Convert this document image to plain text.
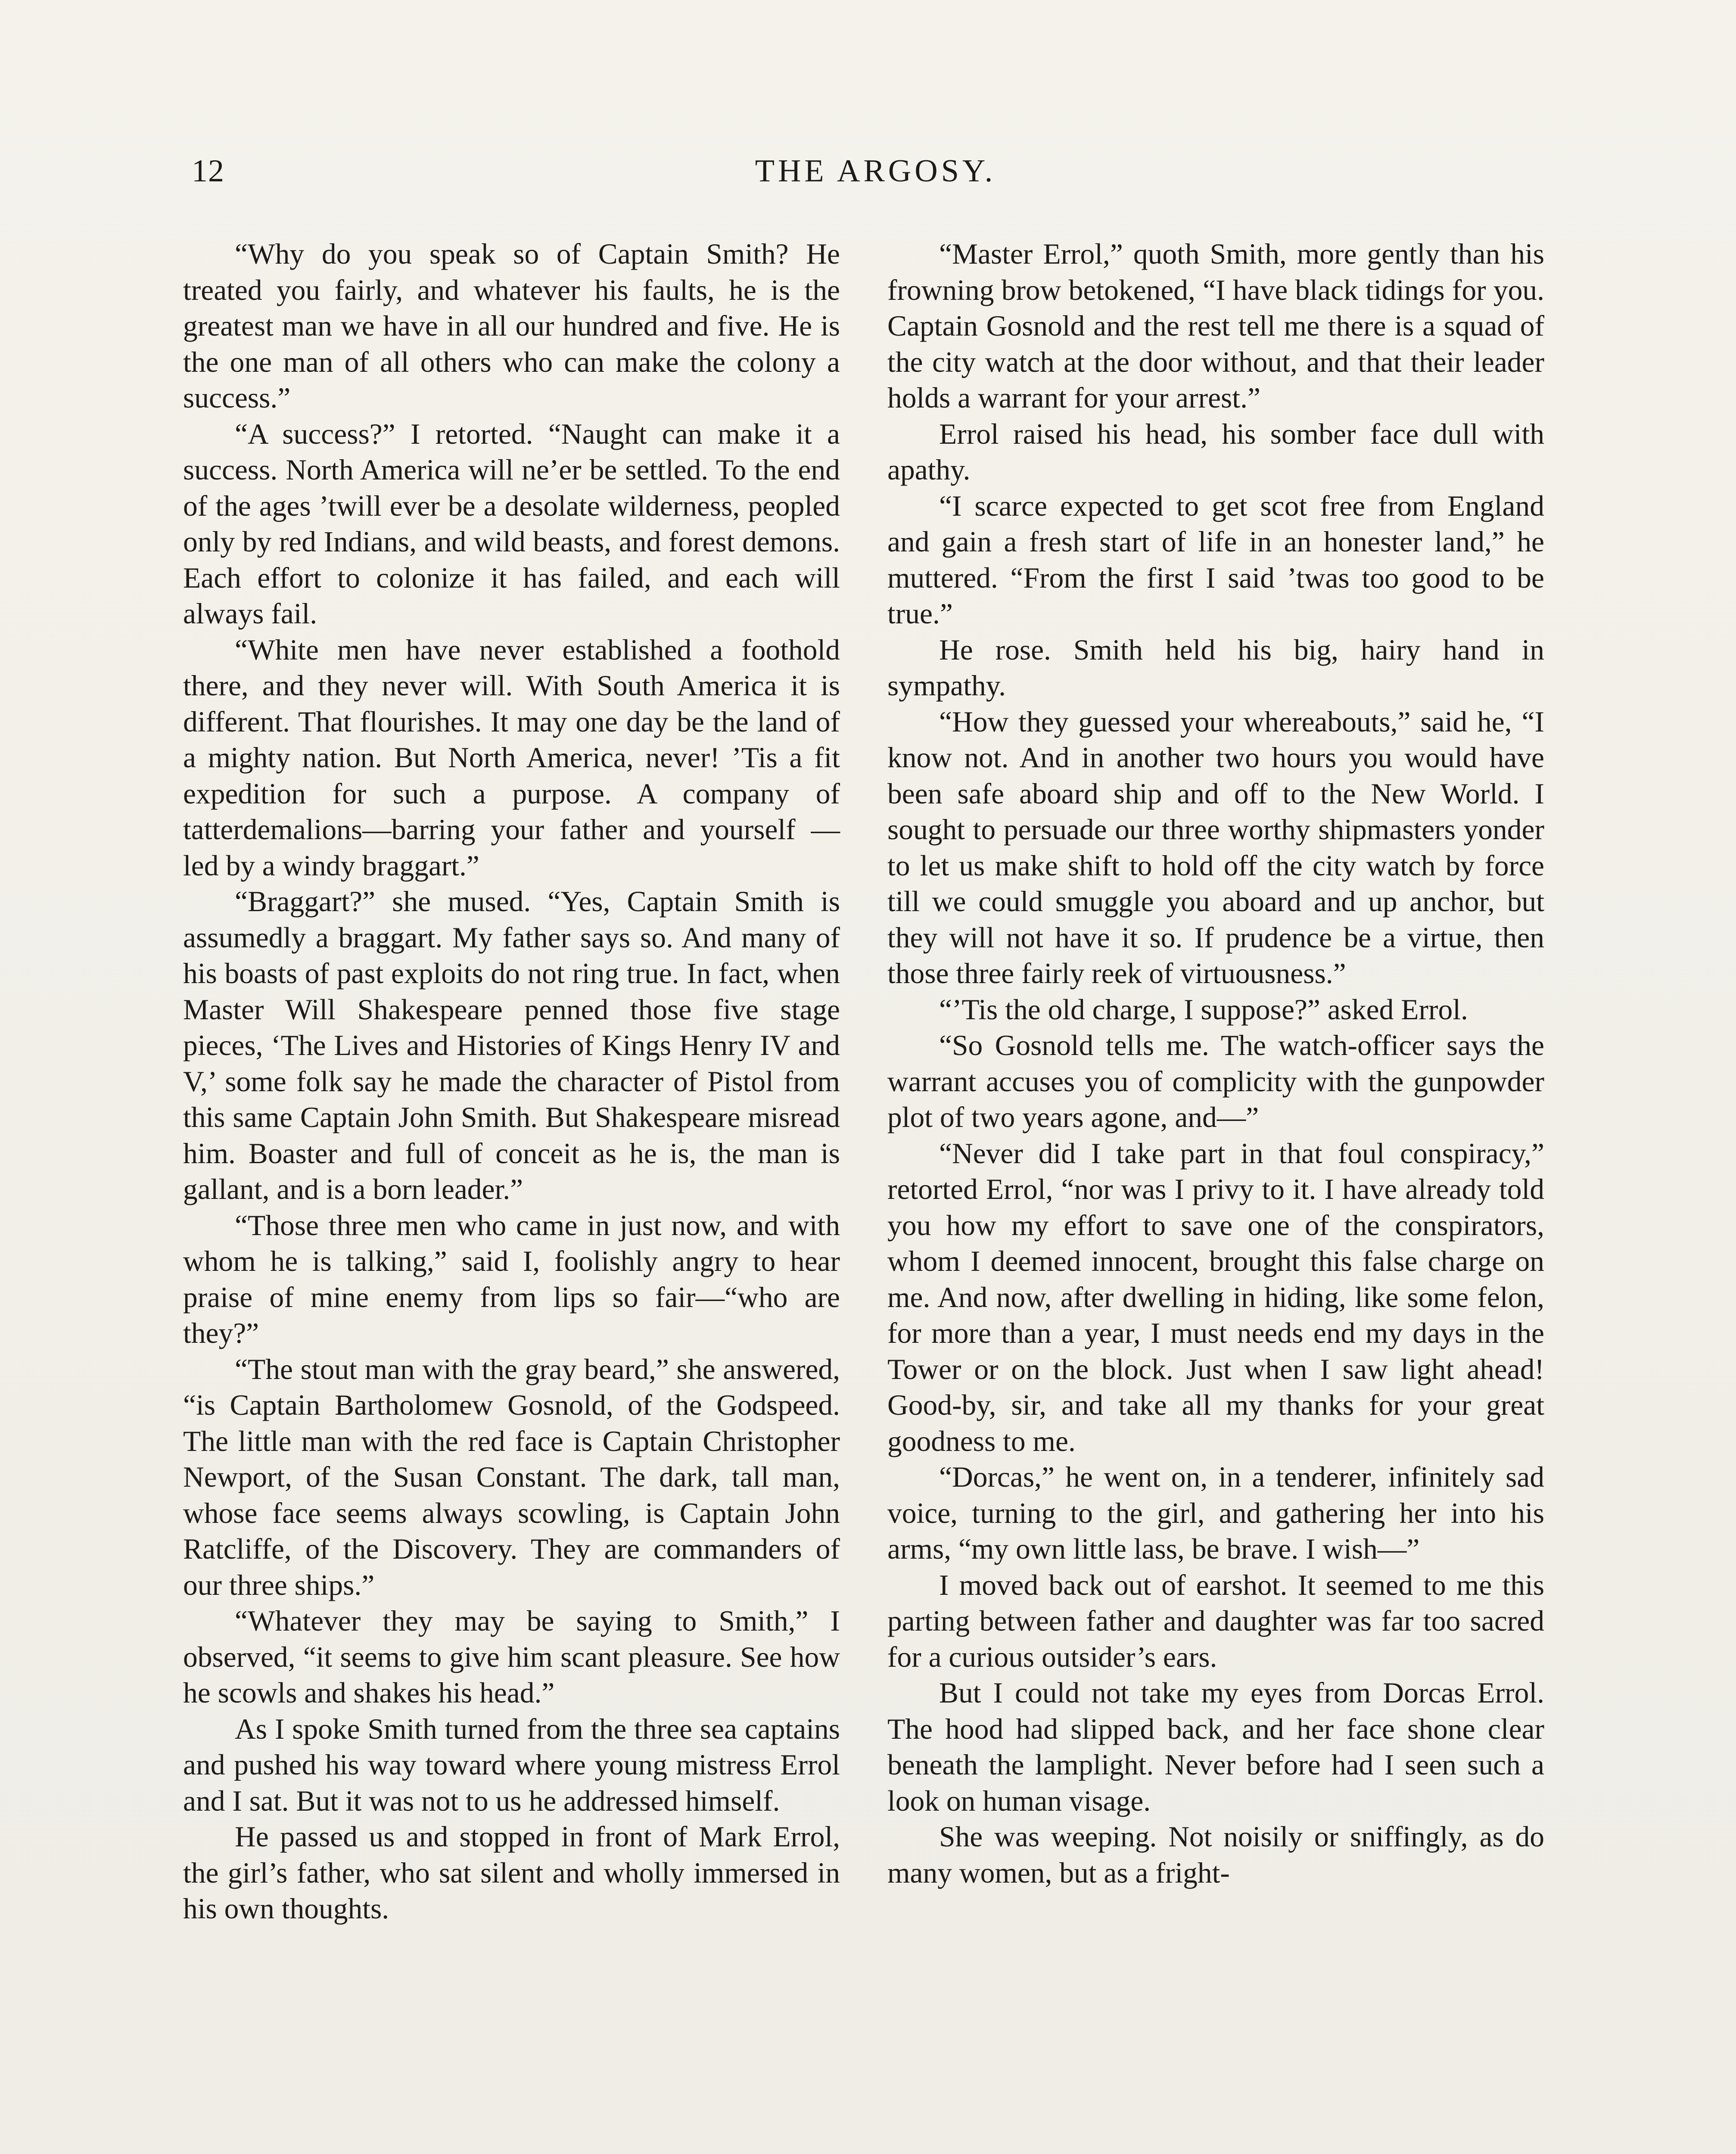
12	THE ARGOSY.

“Why do you speak so of Captain Smith? He treated you fairly, and whatever his faults, he is the greatest man we have in all our hundred and five. He is the one man of all others who can make the colony a success.”

“A success?” I retorted. “Naught can make it a success. North America will ne’er be settled. To the end of the ages ’twill ever be a desolate wilderness, peopled only by red Indians, and wild beasts, and forest demons. Each effort to colonize it has failed, and each will always fail.

“White men have never established a foothold there, and they never will. With South America it is different. That flourishes. It may one day be the land of a mighty nation. But North America, never! ’Tis a fit expedition for such a purpose. A company of tatterdemalions—barring your father and yourself — led by a windy braggart.”

“Braggart?” she mused. “Yes, Captain Smith is assumedly a braggart. My father says so. And many of his boasts of past exploits do not ring true. In fact, when Master Will Shakespeare penned those five stage pieces, ‘The Lives and Histories of Kings Henry IV and V,’ some folk say he made the character of Pistol from this same Captain John Smith. But Shakespeare misread him. Boaster and full of conceit as he is, the man is gallant, and is a born leader.”

“Those three men who came in just now, and with whom he is talking,” said I, foolishly angry to hear praise of mine enemy from lips so fair—“who are they?”

“The stout man with the gray beard,” she answered, “is Captain Bartholomew Gosnold, of the Godspeed. The little man with the red face is Captain Christopher Newport, of the Susan Constant. The dark, tall man, whose face seems always scowling, is Captain John Ratcliffe, of the Discovery. They are commanders of our three ships.”

“Whatever they may be saying to Smith,” I observed, “it seems to give him scant pleasure. See how he scowls and shakes his head.”

As I spoke Smith turned from the three sea captains and pushed his way toward where young mistress Errol and I sat. But it was not to us he addressed himself.

He passed us and stopped in front of Mark Errol, the girl’s father, who sat silent and wholly immersed in his own thoughts.

“Master Errol,” quoth Smith, more gently than his frowning brow betokened, “I have black tidings for you. Captain Gosnold and the rest tell me there is a squad of the city watch at the door without, and that their leader holds a warrant for your arrest.”

Errol raised his head, his somber face dull with apathy.

“I scarce expected to get scot free from England and gain a fresh start of life in an honester land,” he muttered. “From the first I said ’twas too good to be true.”

He rose. Smith held his big, hairy hand in sympathy.

“How they guessed your whereabouts,” said he, “I know not. And in another two hours you would have been safe aboard ship and off to the New World. I sought to persuade our three worthy shipmasters yonder to let us make shift to hold off the city watch by force till we could smuggle you aboard and up anchor, but they will not have it so. If prudence be a virtue, then those three fairly reek of virtuousness.”

“’Tis the old charge, I suppose?” asked Errol.

“So Gosnold tells me. The watch-officer says the warrant accuses you of complicity with the gunpowder plot of two years agone, and—”

“Never did I take part in that foul conspiracy,” retorted Errol, “nor was I privy to it. I have already told you how my effort to save one of the conspirators, whom I deemed innocent, brought this false charge on me. And now, after dwelling in hiding, like some felon, for more than a year, I must needs end my days in the Tower or on the block. Just when I saw light ahead! Good-by, sir, and take all my thanks for your great goodness to me.

“Dorcas,” he went on, in a tenderer, infinitely sad voice, turning to the girl, and gathering her into his arms, “my own little lass, be brave. I wish—”

I moved back out of earshot. It seemed to me this parting between father and daughter was far too sacred for a curious outsider’s ears.

But I could not take my eyes from Dorcas Errol. The hood had slipped back, and her face shone clear beneath the lamplight. Never before had I seen such a look on human visage.

She was weeping. Not noisily or sniffingly, as do many women, but as a fright-
